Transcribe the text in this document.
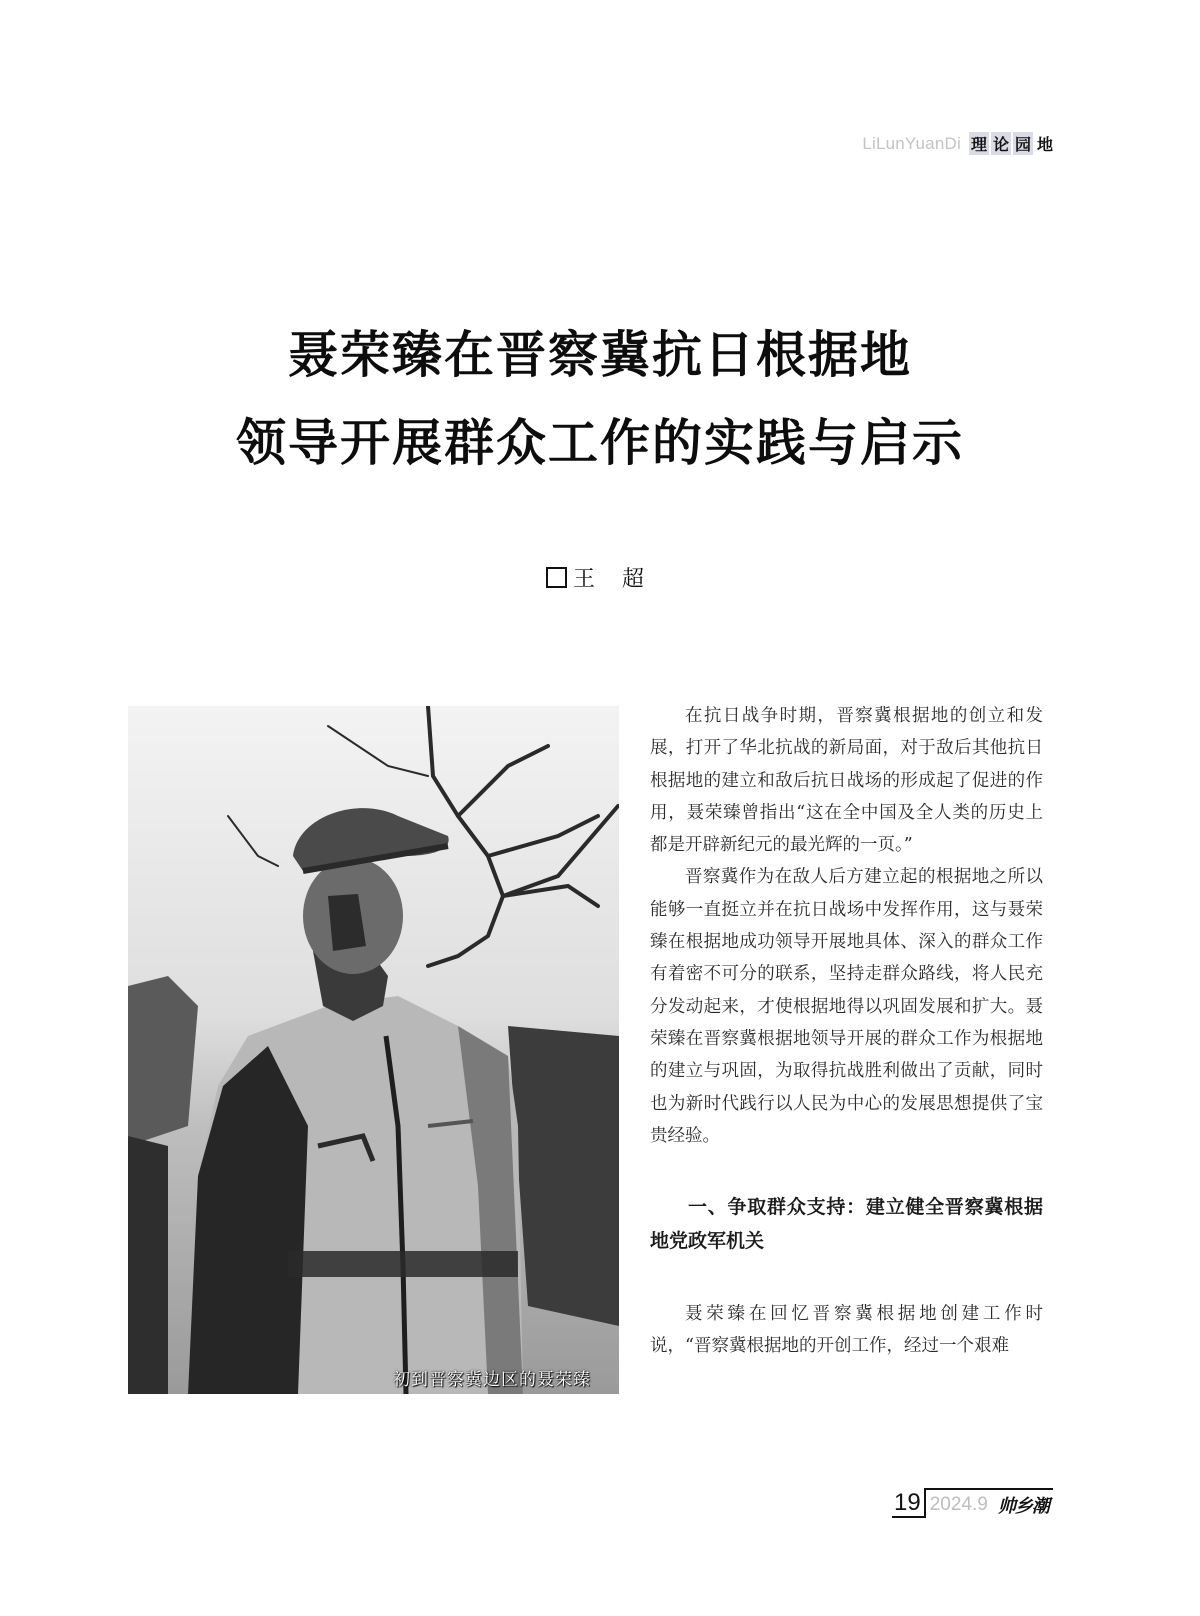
LiLunYuanDi 理 论 园 地
聂荣臻在晋察冀抗日根据地
领导开展群众工作的实践与启示
王 超
初到晋察冀边区的聂荣臻

在抗日战争时期，晋察冀根据地的创立和发展，打开了华北抗战的新局面，对于敌后其他抗日根据地的建立和敌后抗日战场的形成起了促进的作用，聂荣臻曾指出“这在全中国及全人类的历史上都是开辟新纪元的最光辉的一页。”

晋察冀作为在敌人后方建立起的根据地之所以能够一直挺立并在抗日战场中发挥作用，这与聂荣臻在根据地成功领导开展地具体、深入的群众工作有着密不可分的联系，坚持走群众路线，将人民充分发动起来，才使根据地得以巩固发展和扩大。聂荣臻在晋察冀根据地领导开展的群众工作为根据地的建立与巩固，为取得抗战胜利做出了贡献，同时也为新时代践行以人民为中心的发展思想提供了宝贵经验。

一、争取群众支持：建立健全晋察冀根据地党政军机关

聂荣臻在回忆晋察冀根据地创建工作时说，“晋察冀根据地的开创工作，经过一个艰难

19 2024.9 帅乡潮
